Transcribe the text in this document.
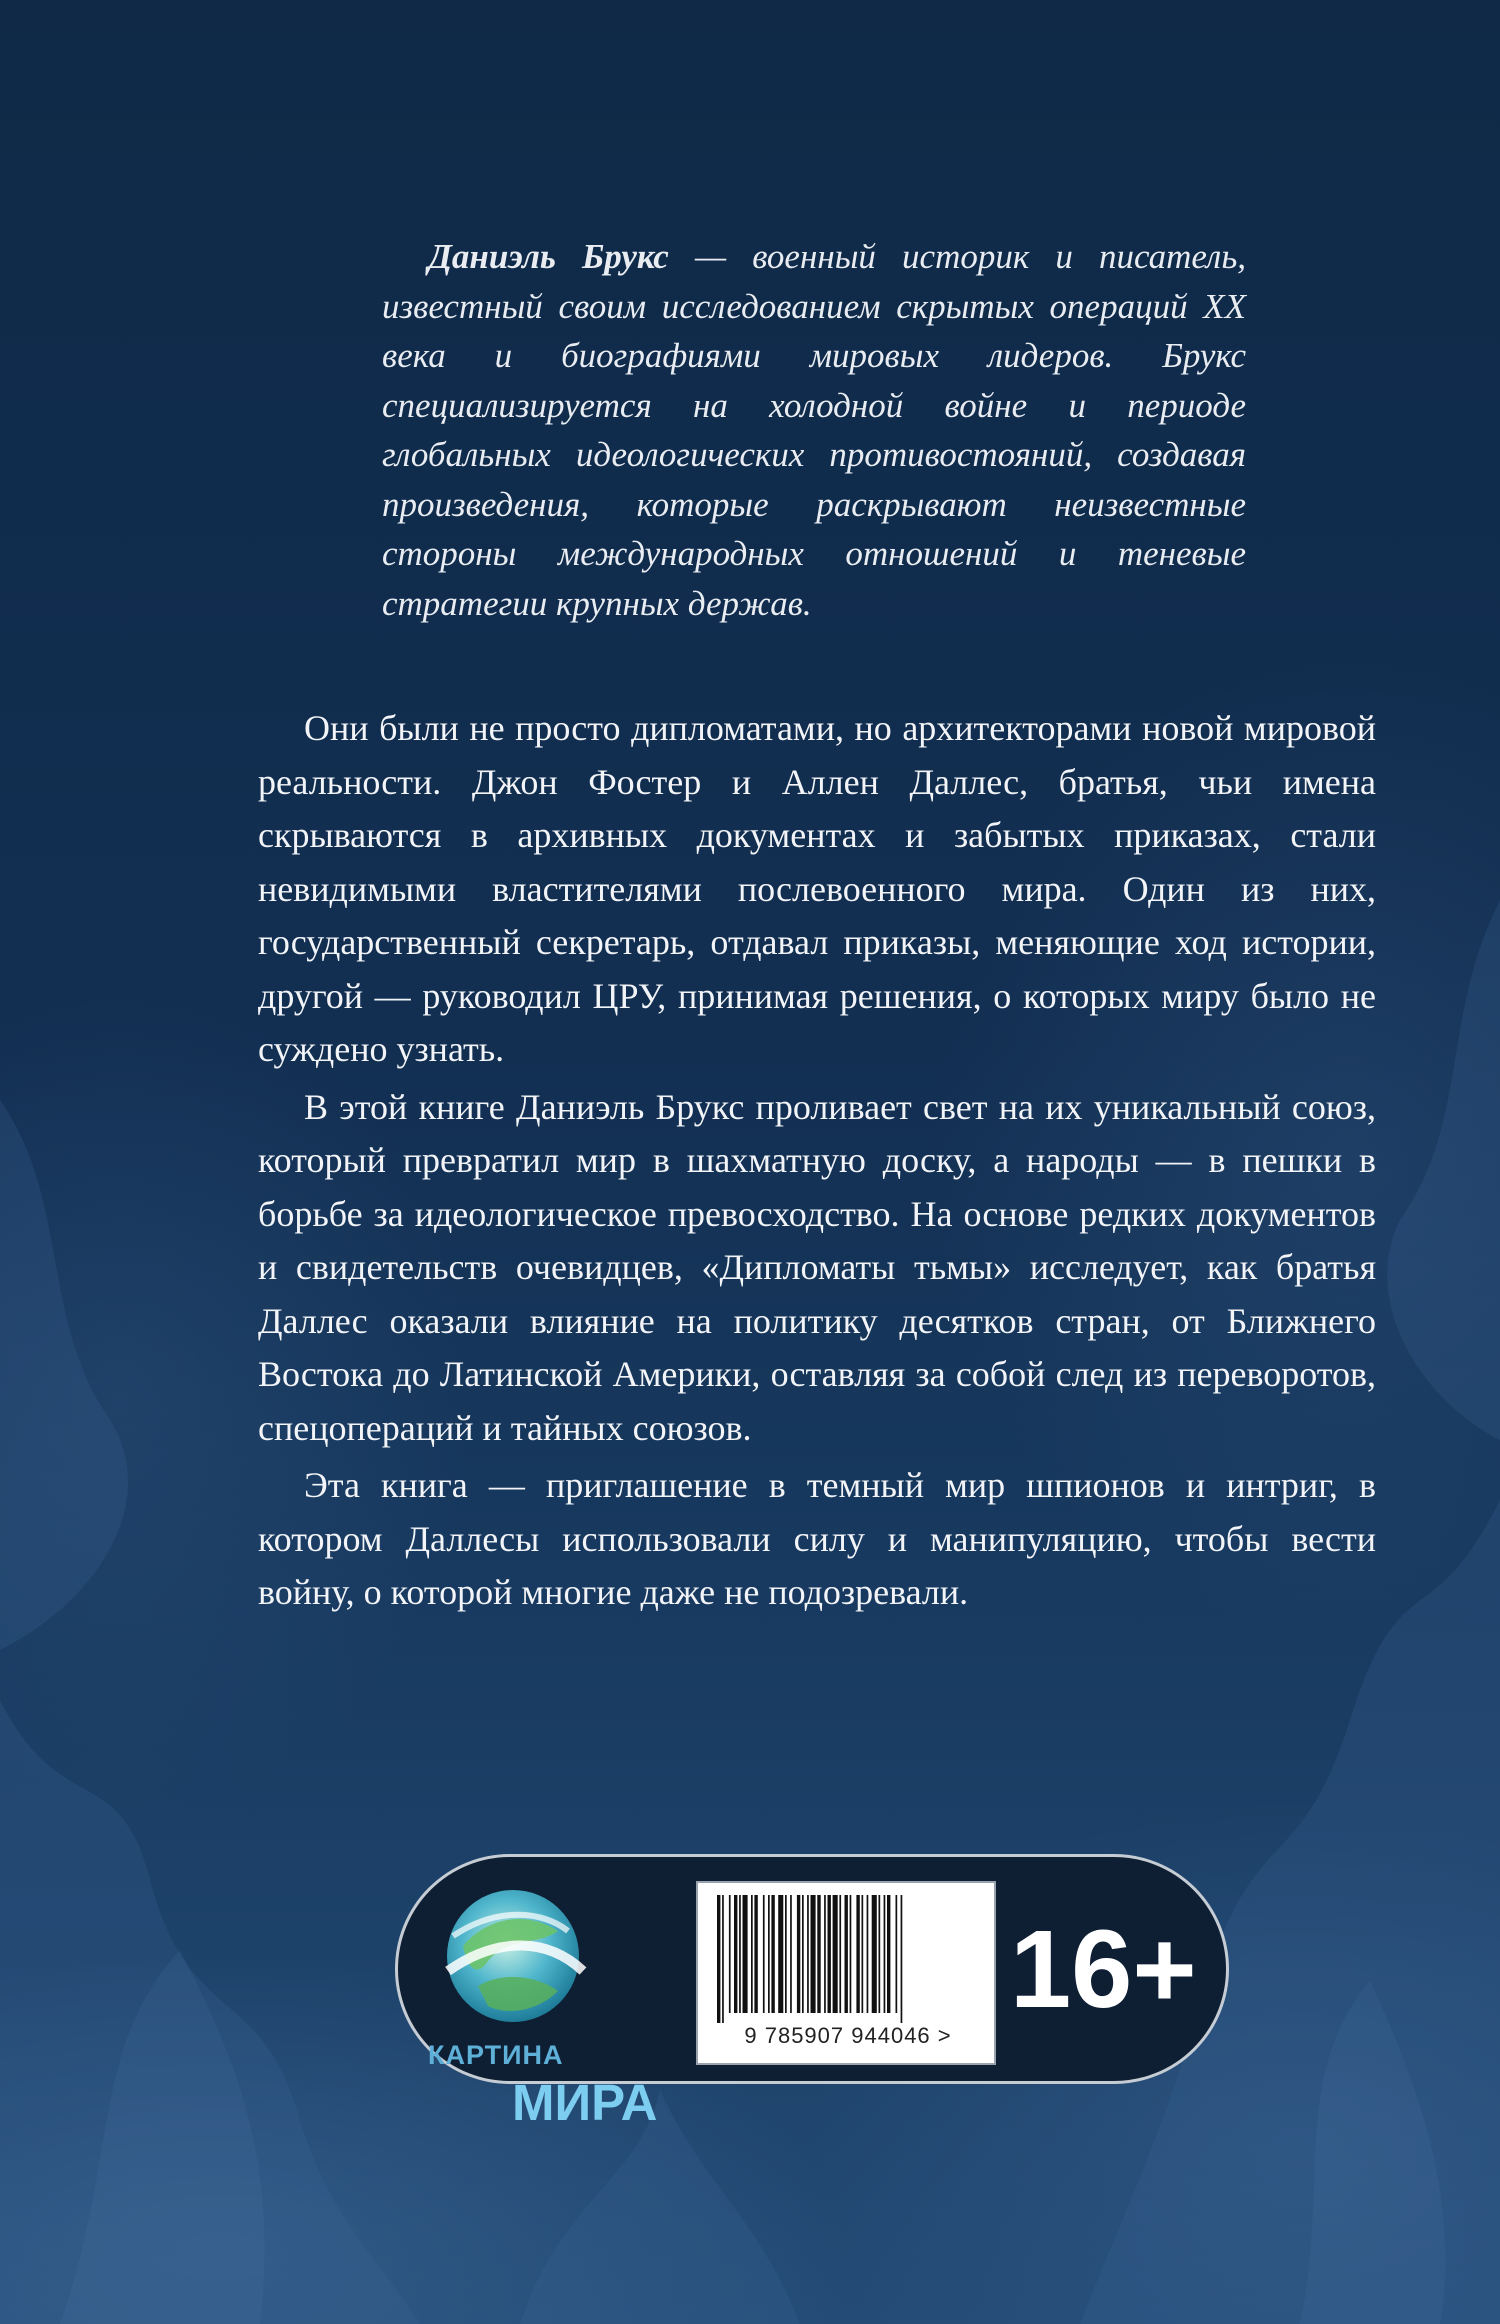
Даниэль Брукс — военный историк и писатель, известный своим исследованием скрытых операций XX века и биографиями мировых лидеров. Брукс специализируется на холодной войне и периоде глобальных идеологических противостояний, создавая произведения, которые раскрывают неизвестные стороны международных отношений и теневые стратегии крупных держав.

Они были не просто дипломатами, но архитекторами новой мировой реальности. Джон Фостер и Аллен Даллес, братья, чьи имена скрываются в архивных документах и забытых приказах, стали невидимыми властителями послевоенного мира. Один из них, государственный секретарь, отдавал приказы, меняющие ход истории, другой — руководил ЦРУ, принимая решения, о которых миру было не суждено узнать.

В этой книге Даниэль Брукс проливает свет на их уникальный союз, который превратил мир в шахматную доску, а народы — в пешки в борьбе за идеологическое превосходство. На основе редких документов и свидетельств очевидцев, «Дипломаты тьмы» исследует, как братья Даллес оказали влияние на политику десятков стран, от Ближнего Востока до Латинской Америки, оставляя за собой след из переворотов, спецопераций и тайных союзов.

Эта книга — приглашение в темный мир шпионов и интриг, в котором Даллесы использовали силу и манипуляцию, чтобы вести войну, о которой многие даже не подозревали.

КАРТИНА
МИРА
9 785907 944046 >
16+
